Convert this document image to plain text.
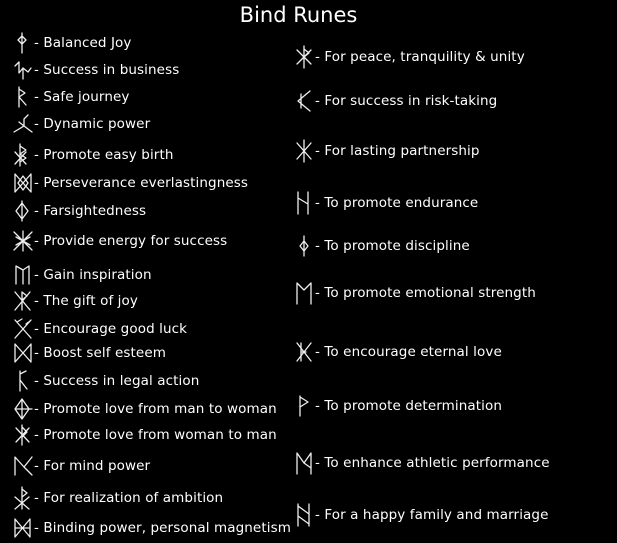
Bind Runes
- Balanced Joy
- Success in business
- Safe journey
- Dynamic power
- Promote easy birth
- Perseverance everlastingness
- Farsightedness
- Provide energy for success
- Gain inspiration
- The gift of joy
- Encourage good luck
- Boost self esteem
- Success in legal action
- Promote love from man to woman
- Promote love from woman to man
- For mind power
- For realization of ambition
- Binding power, personal magnetism
- For peace, tranquility & unity
- For success in risk-taking
- For lasting partnership
- To promote endurance
- To promote discipline
- To promote emotional strength
- To encourage eternal love
- To promote determination
- To enhance athletic performance
- For a happy family and marriage
